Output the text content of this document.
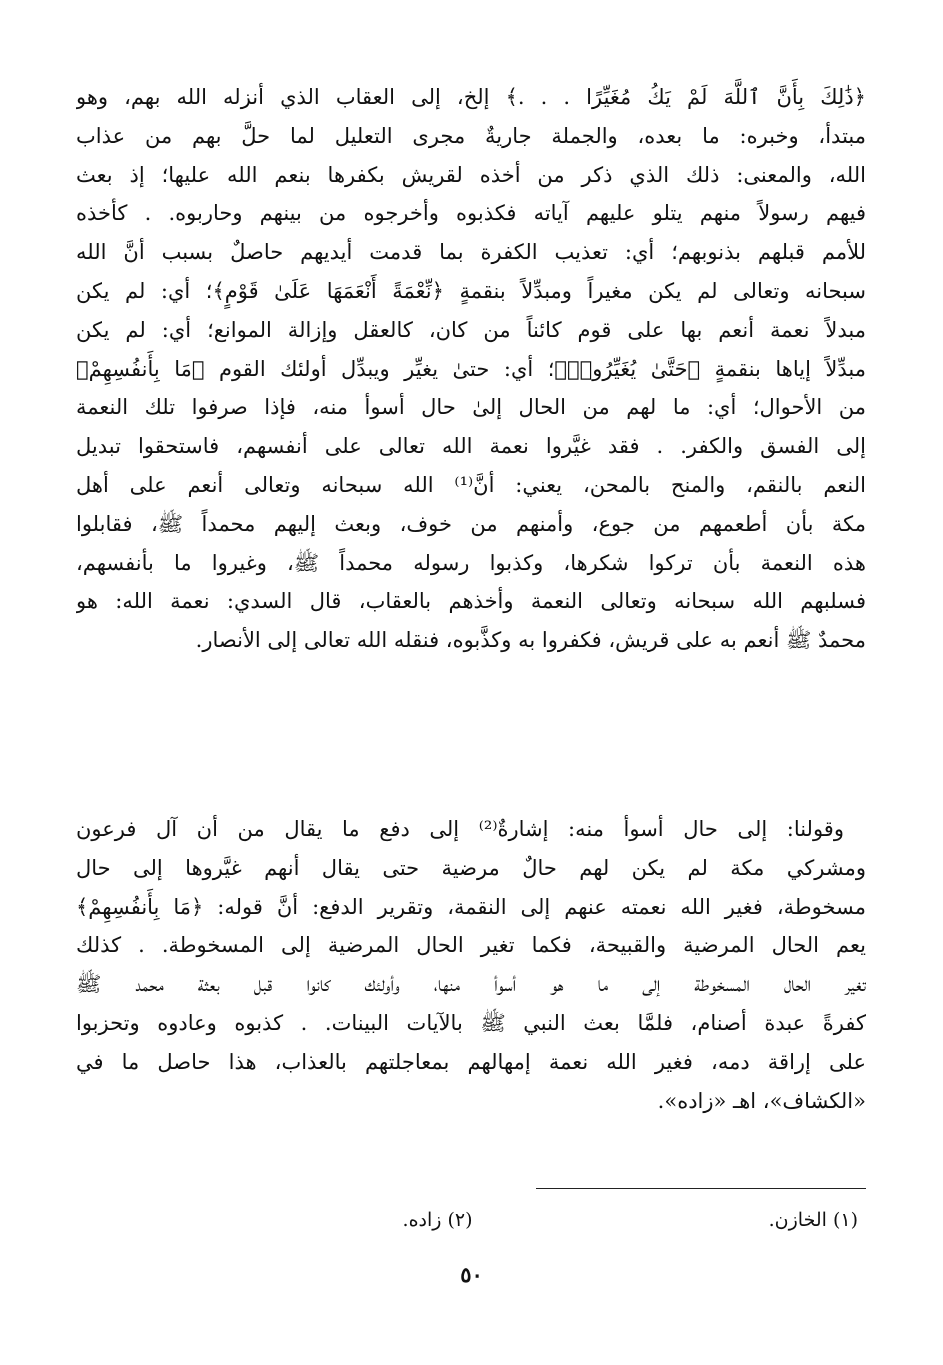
﴿ذَٰلِكَ بِأَنَّ ٱللَّهَ لَمْ يَكُ مُغَيِّرًا . . .﴾ إلخ، إلى العقاب الذي أنزله الله بهم، وهو
مبتدأ، وخبره: ما بعده، والجملة جاريةٌ مجرى التعليل لما حلَّ بهم من عذاب
الله، والمعنى: ذلك الذي ذكر من أخذه لقريش بكفرها بنعم الله عليها؛ إذ بعث
فيهم رسولاً منهم يتلو عليهم آياته فكذبوه وأخرجوه من بينهم وحاربوه. . كأخذه
للأمم قبلهم بذنوبهم؛ أي: تعذيب الكفرة بما قدمت أيديهم حاصلٌ بسبب أنَّ الله
سبحانه وتعالى لم يكن مغيراً ومبدِّلاً بنقمةٍ ﴿نِّعْمَةً أَنْعَمَهَا عَلَىٰ قَوْمٍ﴾؛ أي: لم يكن
مبدلاً نعمة أنعم بها على قوم كائناً من كان، كالعقل وإزالة الموانع؛ أي: لم يكن
مبدِّلاً إياها بنقمةٍ ﴿حَتَّىٰ يُغَيِّرُوا۟﴾؛ أي: حتىٰ يغيِّر ويبدِّل أولئك القوم ﴿مَا بِأَنفُسِهِمْ﴾
من الأحوال؛ أي: ما لهم من الحال إلىٰ حال أسوأ منه، فإذا صرفوا تلك النعمة
إلى الفسق والكفر. . فقد غيَّروا نعمة الله تعالى على أنفسهم، فاستحقوا تبديل
النعم بالنقم، والمنح بالمحن، يعني: أنَّ⁽¹⁾ الله سبحانه وتعالى أنعم على أهل
مكة بأن أطعمهم من جوع، وأمنهم من خوف، وبعث إليهم محمداً ﷺ، فقابلوا
هذه النعمة بأن تركوا شكرها، وكذبوا رسوله محمداً ﷺ، وغيروا ما بأنفسهم،
فسلبهم الله سبحانه وتعالى النعمة وأخذهم بالعقاب، قال السدي: نعمة الله: هو
محمدٌ ﷺ أنعم به على قريش، فكفروا به وكذَّبوه، فنقله الله تعالى إلى الأنصار.
وقولنا: إلى حال أسوأ منه: إشارةٌ⁽²⁾ إلى دفع ما يقال من أن آل فرعون
ومشركي مكة لم يكن لهم حالٌ مرضية حتى يقال أنهم غيَّروها إلى حال
مسخوطة، فغير الله نعمته عنهم إلى النقمة، وتقرير الدفع: أنَّ قوله: ﴿مَا بِأَنفُسِهِمْ﴾
يعم الحال المرضية والقبيحة، فكما تغير الحال المرضية إلى المسخوطة. . كذلك
تغير الحال المسخوطة إلى ما هو أسوأ منها، وأولئك كانوا قبل بعثة محمد ﷺ
كفرةً عبدة أصنام، فلمَّا بعث النبي ﷺ بالآيات البينات. . كذبوه وعادوه وتحزبوا
على إراقة دمه، فغير الله نعمة إمهالهم بمعاجلتهم بالعذاب، هذا حاصل ما في
«الكشاف»، اهـ «زاده».
(١) الخازن. (٢) زاده.
٥٠
